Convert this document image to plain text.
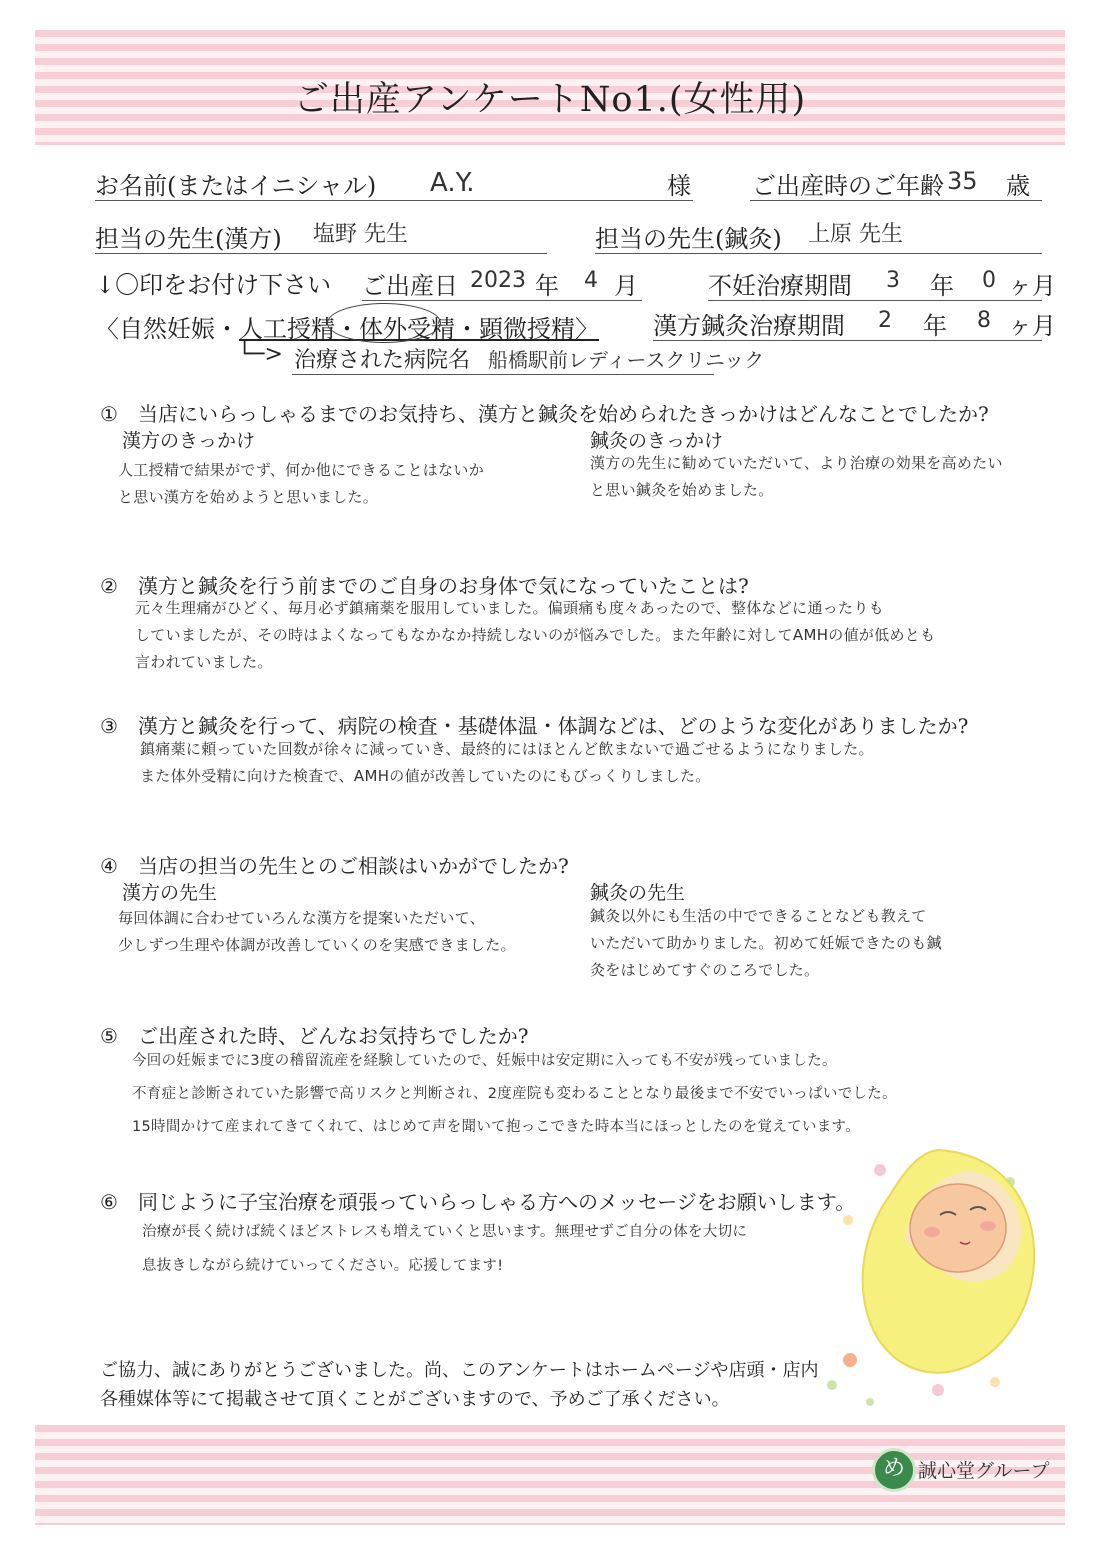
ご出産アンケートNo1.(女性用)
お名前(またはイニシャル) A.Y.	様	ご出産時のご年齢 35 歳
担当の先生(漢方) 塩野 先生	担当の先生(鍼灸) 上原 先生
↓〇印をお付け下さい ご出産日 2023 年 4 月	不妊治療期間 3 年 0 ヶ月
〈自然妊娠・人工授精・体外受精・顕微授精〉 漢方鍼灸治療期間 2 年 8 ヶ月
└─> 治療された病院名 船橋駅前レディースクリニック
① 当店にいらっしゃるまでのお気持ち、漢方と鍼灸を始められたきっかけはどんなことでしたか?
漢方のきっかけ	鍼灸のきっかけ
人工授精で結果がでず、何か他にできることはないか
と思い漢方を始めようと思いました。
漢方の先生に勧めていただいて、より治療の効果を高めたい
と思い鍼灸を始めました。
② 漢方と鍼灸を行う前までのご自身のお身体で気になっていたことは?
元々生理痛がひどく、毎月必ず鎮痛薬を服用していました。偏頭痛も度々あったので、整体などに通ったりも
していましたが、その時はよくなってもなかなか持続しないのが悩みでした。また年齢に対してAMHの値が低めとも
言われていました。
③ 漢方と鍼灸を行って、病院の検査・基礎体温・体調などは、どのような変化がありましたか?
鎮痛薬に頼っていた回数が徐々に減っていき、最終的にはほとんど飲まないで過ごせるようになりました。
また体外受精に向けた検査で、AMHの値が改善していたのにもびっくりしました。
④ 当店の担当の先生とのご相談はいかがでしたか?
漢方の先生	鍼灸の先生
毎回体調に合わせていろんな漢方を提案いただいて、
少しずつ生理や体調が改善していくのを実感できました。
鍼灸以外にも生活の中でできることなども教えて
いただいて助かりました。初めて妊娠できたのも鍼
灸をはじめてすぐのころでした。
⑤ ご出産された時、どんなお気持ちでしたか?
今回の妊娠までに3度の稽留流産を経験していたので、妊娠中は安定期に入っても不安が残っていました。
不育症と診断されていた影響で高リスクと判断され、2度産院も変わることとなり最後まで不安でいっぱいでした。
15時間かけて産まれてきてくれて、はじめて声を聞いて抱っこできた時本当にほっとしたのを覚えています。
⑥ 同じように子宝治療を頑張っていらっしゃる方へのメッセージをお願いします。
治療が長く続けば続くほどストレスも増えていくと思います。無理せずご自分の体を大切に
息抜きしながら続けていってください。応援してます!
ご協力、誠にありがとうございました。尚、このアンケートはホームページや店頭・店内
各種媒体等にて掲載させて頂くことがございますので、予めご了承ください。
め 誠心堂グループ
